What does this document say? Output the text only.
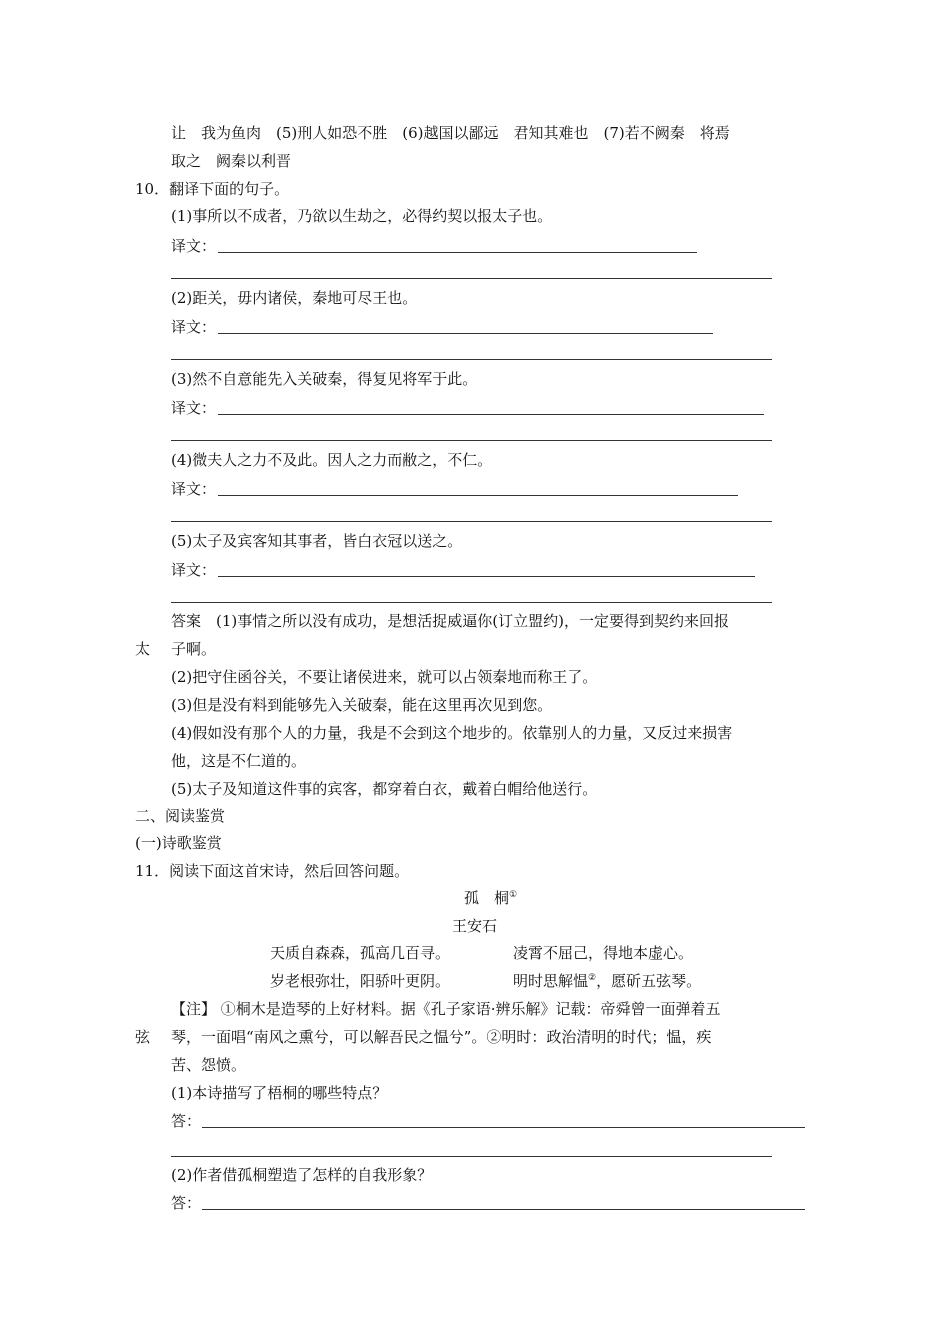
让　我为鱼肉　(5)刑人如恐不胜　(6)越国以鄙远　君知其难也　(7)若不阙秦　将焉
取之　阙秦以利晋
10．翻译下面的句子。
(1)事所以不成者，乃欲以生劫之，必得约契以报太子也。
译文：
(2)距关，毋内诸侯，秦地可尽王也。
译文：
(3)然不自意能先入关破秦，得复见将军于此。
译文：
(4)微夫人之力不及此。因人之力而敝之，不仁。
译文：
(5)太子及宾客知其事者，皆白衣冠以送之。
译文：
答案　(1)事情之所以没有成功，是想活捉威逼你(订立盟约)，一定要得到契约来回报
太 子啊。
(2)把守住函谷关，不要让诸侯进来，就可以占领秦地而称王了。
(3)但是没有料到能够先入关破秦，能在这里再次见到您。
(4)假如没有那个人的力量，我是不会到这个地步的。依靠别人的力量，又反过来损害
他，这是不仁道的。
(5)太子及知道这件事的宾客，都穿着白衣，戴着白帽给他送行。
二、阅读鉴赏
(一)诗歌鉴赏
11．阅读下面这首宋诗，然后回答问题。
孤　桐①
王安石
天质自森森，孤高几百寻。	凌霄不屈己，得地本虚心。
岁老根弥壮，阳骄叶更阴。	明时思解愠②，愿斫五弦琴。
【注】 ①桐木是造琴的上好材料。据《孔子家语·辨乐解》记载：帝舜曾一面弹着五
弦 琴，一面唱“南风之熏兮，可以解吾民之愠兮”。②明时：政治清明的时代；愠，疾
苦、怨愤。
(1)本诗描写了梧桐的哪些特点？
答：
(2)作者借孤桐塑造了怎样的自我形象？
答：
